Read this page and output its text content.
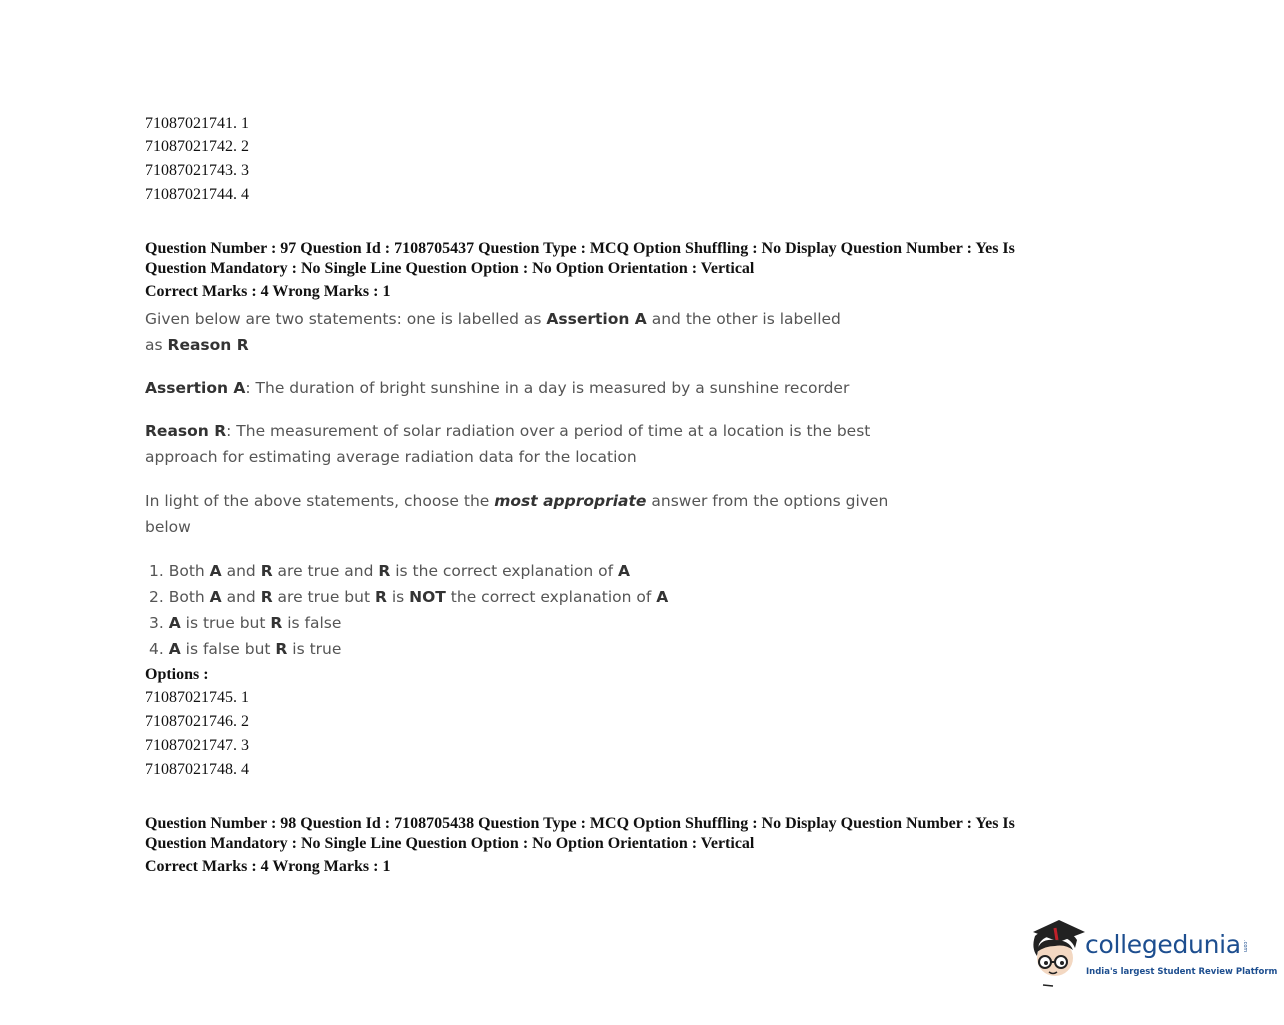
71087021741. 1
71087021742. 2
71087021743. 3
71087021744. 4
Question Number : 97 Question Id : 7108705437 Question Type : MCQ Option Shuffling : No Display Question Number : Yes Is
Question Mandatory : No Single Line Question Option : No Option Orientation : Vertical
Correct Marks : 4 Wrong Marks : 1
Given below are two statements: one is labelled as Assertion A and the other is labelled
as Reason R
Assertion A: The duration of bright sunshine in a day is measured by a sunshine recorder
Reason R: The measurement of solar radiation over a period of time at a location is the best
approach for estimating average radiation data for the location
In light of the above statements, choose the most appropriate answer from the options given
below
1. Both A and R are true and R is the correct explanation of A
2. Both A and R are true but R is NOT the correct explanation of A
3. A is true but R is false
4. A is false but R is true
Options :
71087021745. 1
71087021746. 2
71087021747. 3
71087021748. 4
Question Number : 98 Question Id : 7108705438 Question Type : MCQ Option Shuffling : No Display Question Number : Yes Is
Question Mandatory : No Single Line Question Option : No Option Orientation : Vertical
Correct Marks : 4 Wrong Marks : 1
collegedunia .com
India's largest Student Review Platform
